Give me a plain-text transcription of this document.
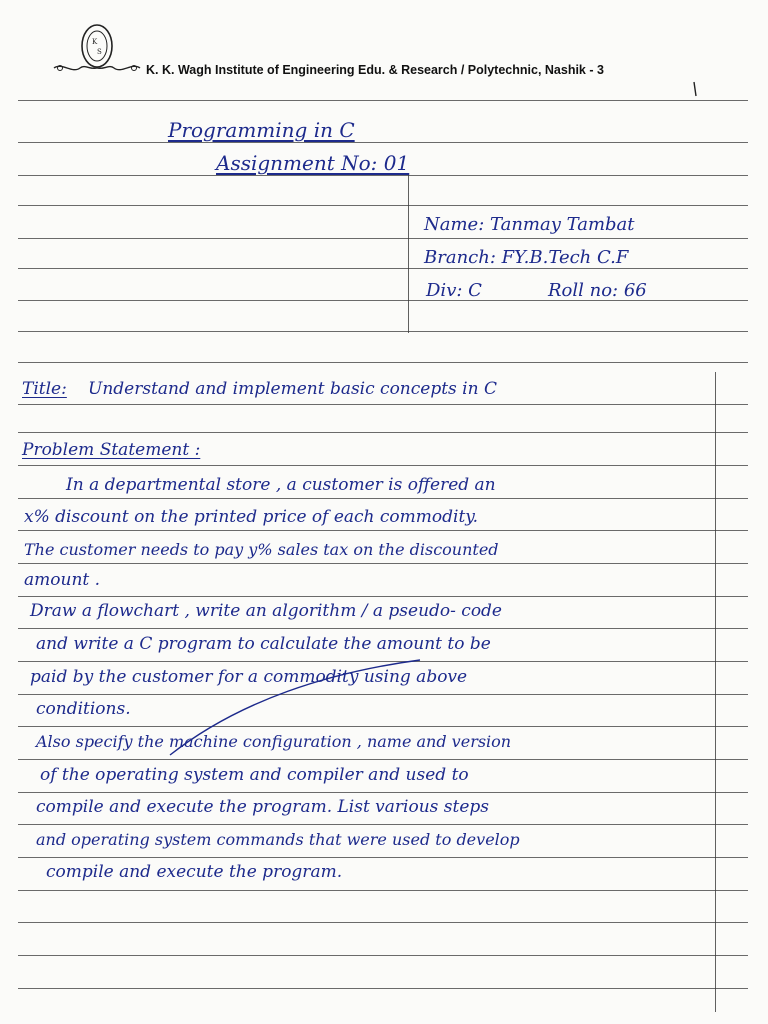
K
S
K. K. Wagh Institute of Engineering Edu. & Research / Polytechnic, Nashik - 3
Programming in C
Assignment No: 01
Name: Tanmay Tambat
Branch: FY.B.Tech C.F
Div: C	Roll no: 66
Title: Understand and implement basic concepts in C
Problem Statement :
In a departmental store , a customer is offered an
x% discount on the printed price of each commodity.
The customer needs to pay y% sales tax on the discounted
amount .
Draw a flowchart , write an algorithm / a pseudo- code
and write a C program to calculate the amount to be
paid by the customer for a commodity using above
conditions.
Also specify the machine configuration , name and version
of the operating system and compiler and used to
compile and execute the program. List various steps
and operating system commands that were used to develop
compile and execute the program.
